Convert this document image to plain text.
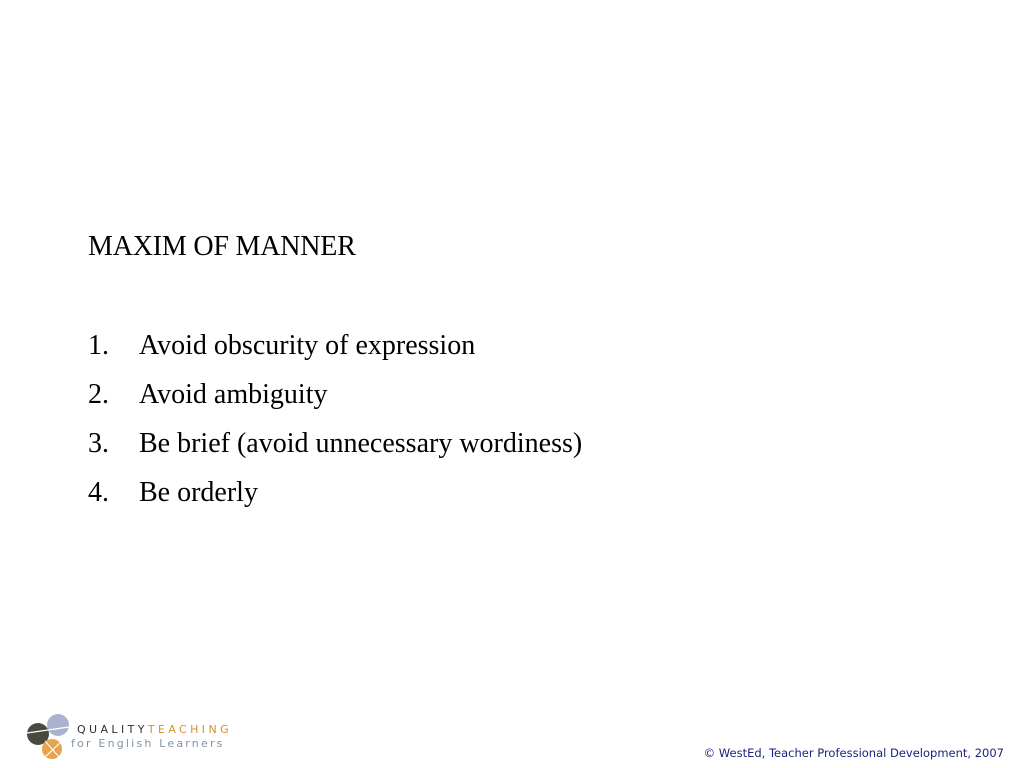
MAXIM OF MANNER
1. Avoid obscurity of expression
2. Avoid ambiguity
3. Be brief (avoid unnecessary wordiness)
4. Be orderly
QUALITYTEACHING
for English Learners
© WestEd, Teacher Professional Development, 2007
